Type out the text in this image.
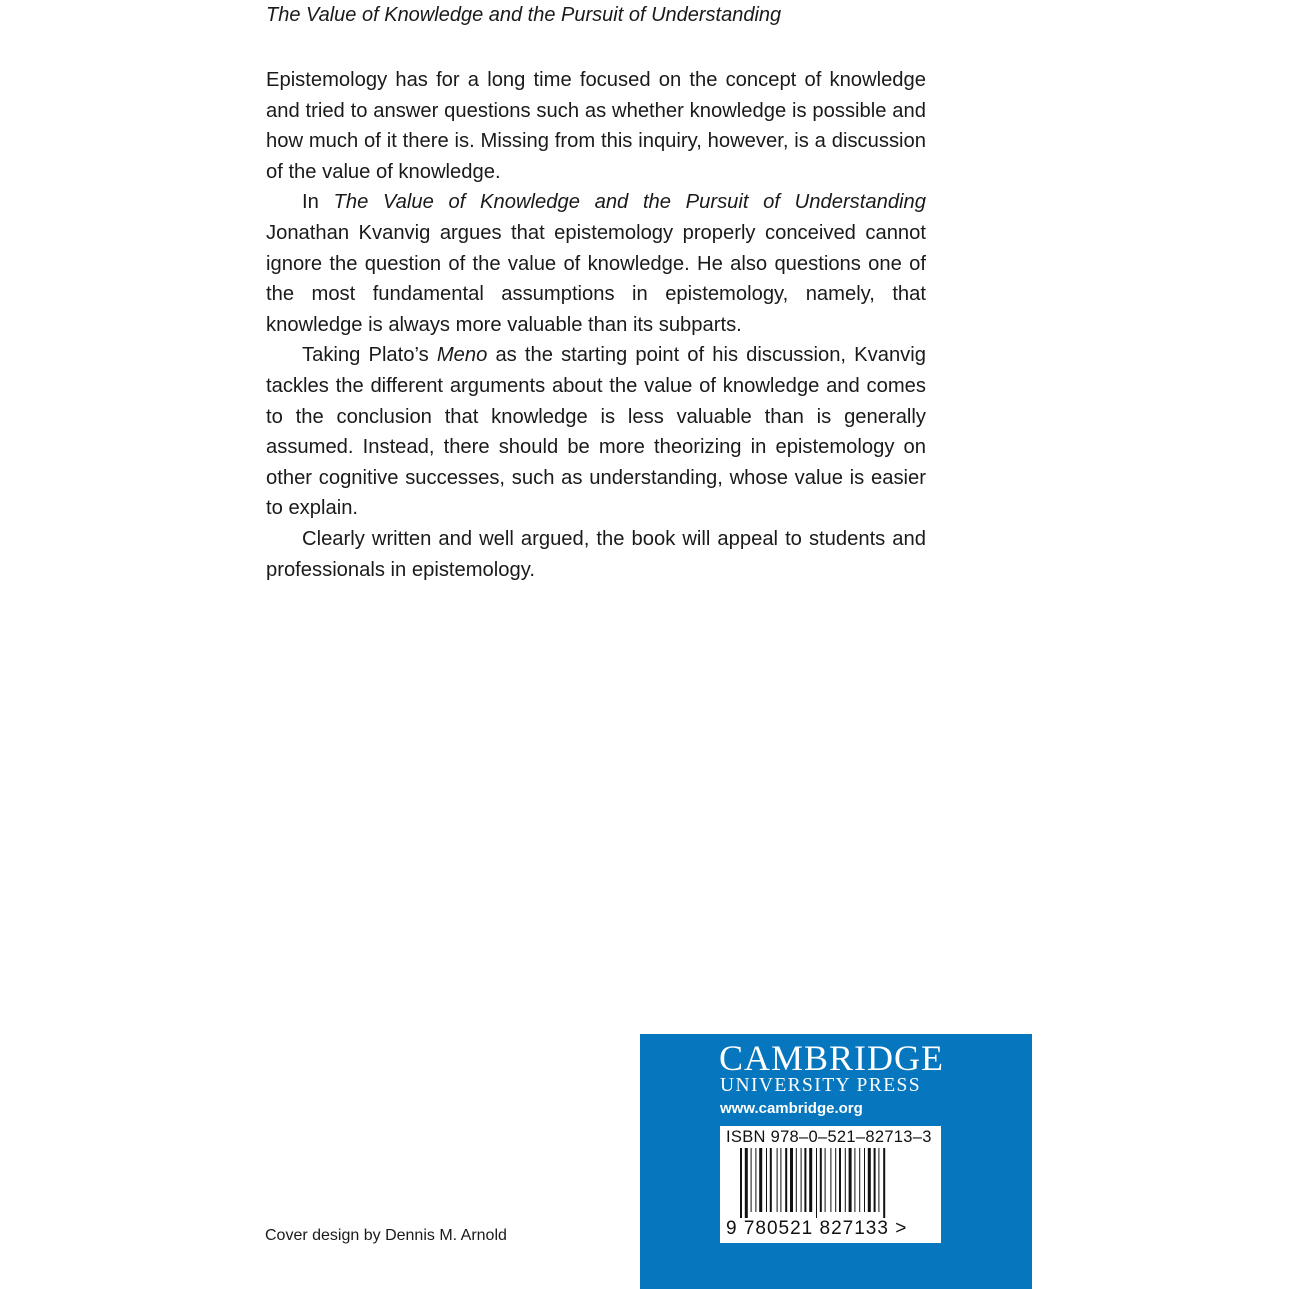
The Value of Knowledge and the Pursuit of Understanding

Epistemology has for a long time focused on the concept of knowledge and tried to answer questions such as whether knowledge is possible and how much of it there is. Missing from this inquiry, however, is a discussion of the value of knowledge.

In The Value of Knowledge and the Pursuit of Understanding Jonathan Kvanvig argues that epistemology properly conceived cannot ignore the question of the value of knowledge. He also questions one of the most fundamental assumptions in epistemology, namely, that knowledge is always more valuable than its subparts.

Taking Plato’s Meno as the starting point of his discussion, Kvanvig tackles the different arguments about the value of knowledge and comes to the conclusion that knowledge is less valuable than is generally assumed. Instead, there should be more theorizing in epistemology on other cognitive successes, such as understanding, whose value is easier to explain.

Clearly written and well argued, the book will appeal to students and professionals in epistemology.

Cover design by Dennis M. Arnold
CAMBRIDGE
UNIVERSITY PRESS
www.cambridge.org
ISBN 978–0–521–82713–3
9 780521 827133 >
